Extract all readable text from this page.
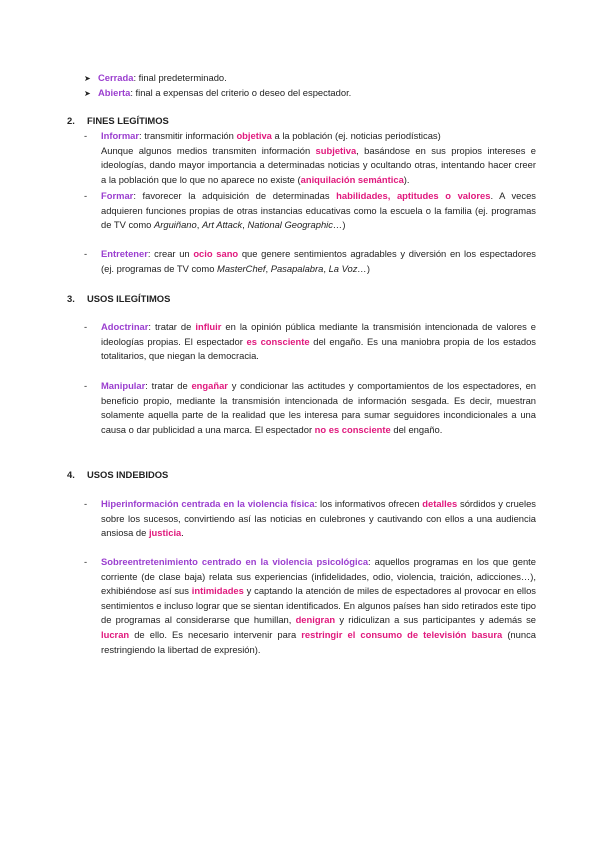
➤ Cerrada: final predeterminado.
➤ Abierta: final a expensas del criterio o deseo del espectador.
2. FINES LEGÍTIMOS
- Informar: transmitir información objetiva a la población (ej. noticias periodísticas)

Aunque algunos medios transmiten información subjetiva, basándose en sus propios intereses e ideologías, dando mayor importancia a determinadas noticias y ocultando otras, intentando hacer creer a la población que lo que no aparece no existe (aniquilación semántica).

- Formar: favorecer la adquisición de determinadas habilidades, aptitudes o valores. A veces adquieren funciones propias de otras instancias educativas como la escuela o la familia (ej. programas de TV como Arguiñano, Art Attack, National Geographic…)

- Entretener: crear un ocio sano que genere sentimientos agradables y diversión en los espectadores (ej. programas de TV como MasterChef, Pasapalabra, La Voz…)

3. USOS ILEGÍTIMOS
- Adoctrinar: tratar de influir en la opinión pública mediante la transmisión intencionada de valores e ideologías propias. El espectador es consciente del engaño. Es una maniobra propia de los estados totalitarios, que niegan la democracia.

- Manipular: tratar de engañar y condicionar las actitudes y comportamientos de los espectadores, en beneficio propio, mediante la transmisión intencionada de información sesgada. Es decir, muestran solamente aquella parte de la realidad que les interesa para sumar seguidores incondicionales a una causa o dar publicidad a una marca. El espectador no es consciente del engaño.

4. USOS INDEBIDOS
- Hiperinformación centrada en la violencia física: los informativos ofrecen detalles sórdidos y crueles sobre los sucesos, convirtiendo así las noticias en culebrones y cautivando con ellos a una audiencia ansiosa de justicia.

- Sobreentretenimiento centrado en la violencia psicológica: aquellos programas en los que gente corriente (de clase baja) relata sus experiencias (infidelidades, odio, violencia, traición, adicciones…), exhibiéndose así sus intimidades y captando la atención de miles de espectadores al provocar en ellos sentimientos e incluso lograr que se sientan identificados. En algunos países han sido retirados este tipo de programas al considerarse que humillan, denigran y ridiculizan a sus participantes y además se lucran de ello. Es necesario intervenir para restringir el consumo de televisión basura (nunca restringiendo la libertad de expresión).
